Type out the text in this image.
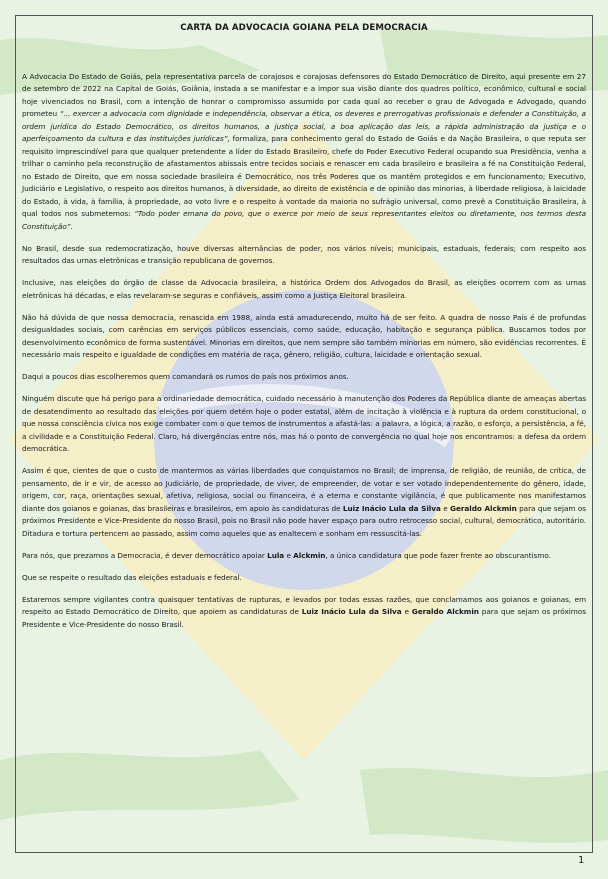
CARTA DA ADVOCACIA GOIANA PELA DEMOCRACIA

A Advocacia Do Estado de Goiás, pela representativa parcela de corajosos e corajosas defensores do Estado Democrático de Direito, aqui presente em 27 de setembro de 2022 na Capital de Goiás, Goiânia, instada a se manifestar e a impor sua visão diante dos quadros político, econômico, cultural e social hoje vivenciados no Brasil, com a intenção de honrar o compromisso assumido por cada qual ao receber o grau de Advogada e Advogado, quando prometeu “... exercer a advocacia com dignidade e independência, observar a ética, os deveres e prerrogativas profissionais e defender a Constituição, a ordem jurídica do Estado Democrático, os direitos humanos, a justiça social, a boa aplicação das leis, a rápida administração da justiça e o aperfeiçoamento da cultura e das instituições jurídicas”, formaliza, para conhecimento geral do Estado de Goiás e da Nação Brasileira, o que reputa ser requisito imprescindível para que qualquer pretendente a líder do Estado Brasileiro, chefe do Poder Executivo Federal ocupando sua Presidência, venha a trilhar o caminho pela reconstrução de afastamentos abissais entre tecidos sociais e renascer em cada brasileiro e brasileira a fé na Constituição Federal, no Estado de Direito, que em nossa sociedade brasileira é Democrático, nos três Poderes que os mantêm protegidos e em funcionamento; Executivo, Judiciário e Legislativo, o respeito aos direitos humanos, à diversidade, ao direito de existência e de opinião das minorias, à liberdade religiosa, à laicidade do Estado, à vida, à família, à propriedade, ao voto livre e o respeito à vontade da maioria no sufrágio universal, como prevê a Constituição Brasileira, à qual todos nos submetemos: “Todo poder emana do povo, que o exerce por meio de seus representantes eleitos ou diretamente, nos termos desta Constituição”.

No Brasil, desde sua redemocratização, houve diversas alternâncias de poder, nos vários níveis; municipais, estaduais, federais; com respeito aos resultados das urnas eletrônicas e transição republicana de governos.

Inclusive, nas eleições do órgão de classe da Advocacia brasileira, a histórica Ordem dos Advogados do Brasil, as eleições ocorrem com as urnas eletrônicas há décadas, e elas revelaram-se seguras e confiáveis, assim como a Justiça Eleitoral brasileira.

Não há dúvida de que nossa democracia, renascida em 1988, ainda está amadurecendo, muito há de ser feito. A quadra de nosso País é de profundas desigualdades sociais, com carências em serviços públicos essenciais, como saúde, educação, habitação e segurança pública. Buscamos todos por desenvolvimento econômico de forma sustentável. Minorias em direitos, que nem sempre são também minorias em número, são evidências recorrentes. É necessário mais respeito e igualdade de condições em matéria de raça, gênero, religião, cultura, laicidade e orientação sexual.

Daqui a poucos dias escolheremos quem comandará os rumos do país nos próximos anos.

Ninguém discute que há perigo para a ordinariedade democrática, cuidado necessário à manutenção dos Poderes da República diante de ameaças abertas de desatendimento ao resultado das eleições por quem detém hoje o poder estatal, além de incitação à violência e à ruptura da ordem constitucional, o que nossa consciência cívica nos exige combater com o que temos de instrumentos a afastá-las: a palavra, a lógica, a razão, o esforço, a persistência, a fé, a civilidade e a Constituição Federal. Claro, há divergências entre nós, mas há o ponto de convergência no qual hoje nos encontramos: a defesa da ordem democrática.

Assim é que, cientes de que o custo de mantermos as várias liberdades que conquistamos no Brasil; de imprensa, de religião, de reunião, de crítica, de pensamento, de ir e vir, de acesso ao Judiciário, de propriedade, de viver, de empreender, de votar e ser votado independentemente do gênero, idade, origem, cor, raça, orientações sexual, afetiva, religiosa, social ou financeira, é a eterna e constante vigilância, é que publicamente nos manifestamos diante dos goianos e goianas, das brasileiras e brasileiros, em apoio às candidaturas de Luiz Inácio Lula da Silva e Geraldo Alckmin para que sejam os próximos Presidente e Vice-Presidente do nosso Brasil, pois no Brasil não pode haver espaço para outro retrocesso social, cultural, democrático, autoritário. Ditadura e tortura pertencem ao passado, assim como aqueles que as enaltecem e sonham em ressuscitá-las.

Para nós, que prezamos a Democracia, é dever democrático apoiar Lula e Alckmin, a única candidatura que pode fazer frente ao obscurantismo.

Que se respeite o resultado das eleições estaduais e federal.

Estaremos sempre vigilantes contra quaisquer tentativas de rupturas, e levados por todas essas razões, que conclamamos aos goianos e goianas, em respeito ao Estado Democrático de Direito, que apoiem as candidaturas de Luiz Inácio Lula da Silva e Geraldo Alckmin para que sejam os próximos Presidente e Vice-Presidente do nosso Brasil.

1
